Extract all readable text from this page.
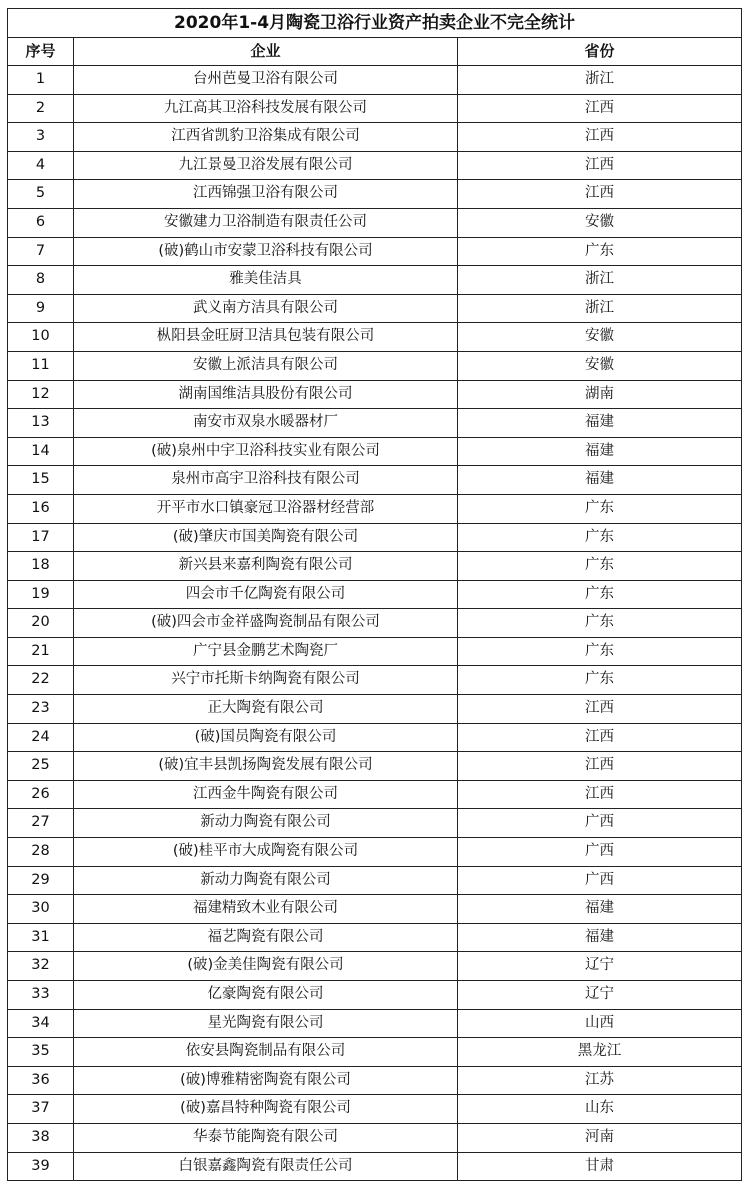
2020年1-4月陶瓷卫浴行业资产拍卖企业不完全统计		
序号	企业	省份
1	台州芭曼卫浴有限公司	浙江
2	九江高其卫浴科技发展有限公司	江西
3	江西省凯豹卫浴集成有限公司	江西
4	九江景曼卫浴发展有限公司	江西
5	江西锦强卫浴有限公司	江西
6	安徽建力卫浴制造有限责任公司	安徽
7	(破)鹤山市安蒙卫浴科技有限公司	广东
8	雅美佳洁具	浙江
9	武义南方洁具有限公司	浙江
10	枞阳县金旺厨卫洁具包装有限公司	安徽
11	安徽上派洁具有限公司	安徽
12	湖南国维洁具股份有限公司	湖南
13	南安市双泉水暖器材厂	福建
14	(破)泉州中宇卫浴科技实业有限公司	福建
15	泉州市高宇卫浴科技有限公司	福建
16	开平市水口镇豪冠卫浴器材经营部	广东
17	(破)肇庆市国美陶瓷有限公司	广东
18	新兴县来嘉利陶瓷有限公司	广东
19	四会市千亿陶瓷有限公司	广东
20	(破)四会市金祥盛陶瓷制品有限公司	广东
21	广宁县金鹏艺术陶瓷厂	广东
22	兴宁市托斯卡纳陶瓷有限公司	广东
23	正大陶瓷有限公司	江西
24	(破)国员陶瓷有限公司	江西
25	(破)宜丰县凯扬陶瓷发展有限公司	江西
26	江西金牛陶瓷有限公司	江西
27	新动力陶瓷有限公司	广西
28	(破)桂平市大成陶瓷有限公司	广西
29	新动力陶瓷有限公司	广西
30	福建精致木业有限公司	福建
31	福艺陶瓷有限公司	福建
32	(破)金美佳陶瓷有限公司	辽宁
33	亿豪陶瓷有限公司	辽宁
34	星光陶瓷有限公司	山西
35	依安县陶瓷制品有限公司	黑龙江
36	(破)博雅精密陶瓷有限公司	江苏
37	(破)嘉昌特种陶瓷有限公司	山东
38	华泰节能陶瓷有限公司	河南
39	白银嘉鑫陶瓷有限责任公司	甘肃
